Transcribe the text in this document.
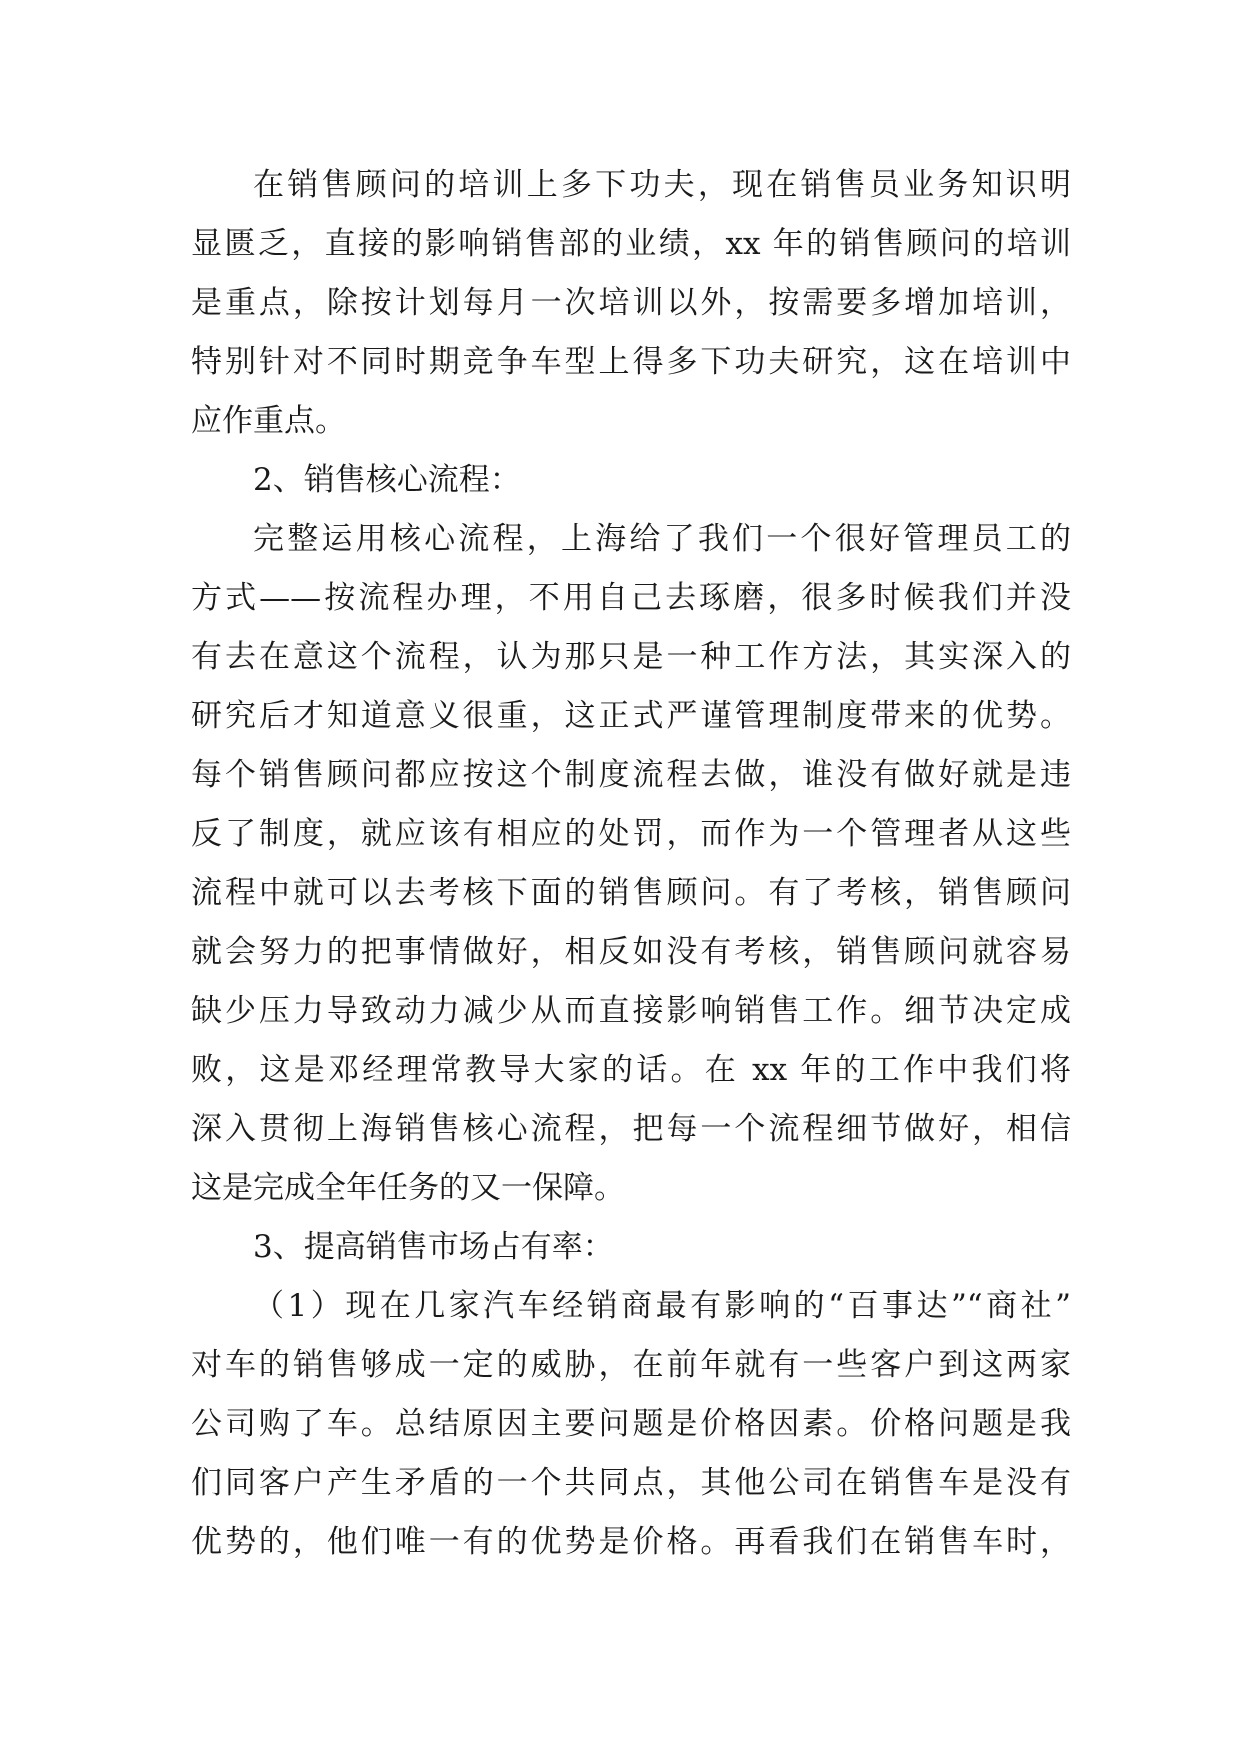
在销售顾问的培训上多下功夫，现在销售员业务知识明
显匮乏，直接的影响销售部的业绩，xx 年的销售顾问的培训
是重点，除按计划每月一次培训以外，按需要多增加培训，
特别针对不同时期竞争车型上得多下功夫研究，这在培训中
应作重点。
2、销售核心流程：
完整运用核心流程，上海给了我们一个很好管理员工的
方式——按流程办理，不用自己去琢磨，很多时候我们并没
有去在意这个流程，认为那只是一种工作方法，其实深入的
研究后才知道意义很重，这正式严谨管理制度带来的优势。
每个销售顾问都应按这个制度流程去做，谁没有做好就是违
反了制度，就应该有相应的处罚，而作为一个管理者从这些
流程中就可以去考核下面的销售顾问。有了考核，销售顾问
就会努力的把事情做好，相反如没有考核，销售顾问就容易
缺少压力导致动力减少从而直接影响销售工作。细节决定成
败，这是邓经理常教导大家的话。在 xx 年的工作中我们将
深入贯彻上海销售核心流程，把每一个流程细节做好，相信
这是完成全年任务的又一保障。
3、提高销售市场占有率：
（1）现在几家汽车经销商最有影响的“百事达”“商社”
对车的销售够成一定的威胁，在前年就有一些客户到这两家
公司购了车。总结原因主要问题是价格因素。价格问题是我
们同客户产生矛盾的一个共同点，其他公司在销售车是没有
优势的，他们唯一有的优势是价格。再看我们在销售车时，
